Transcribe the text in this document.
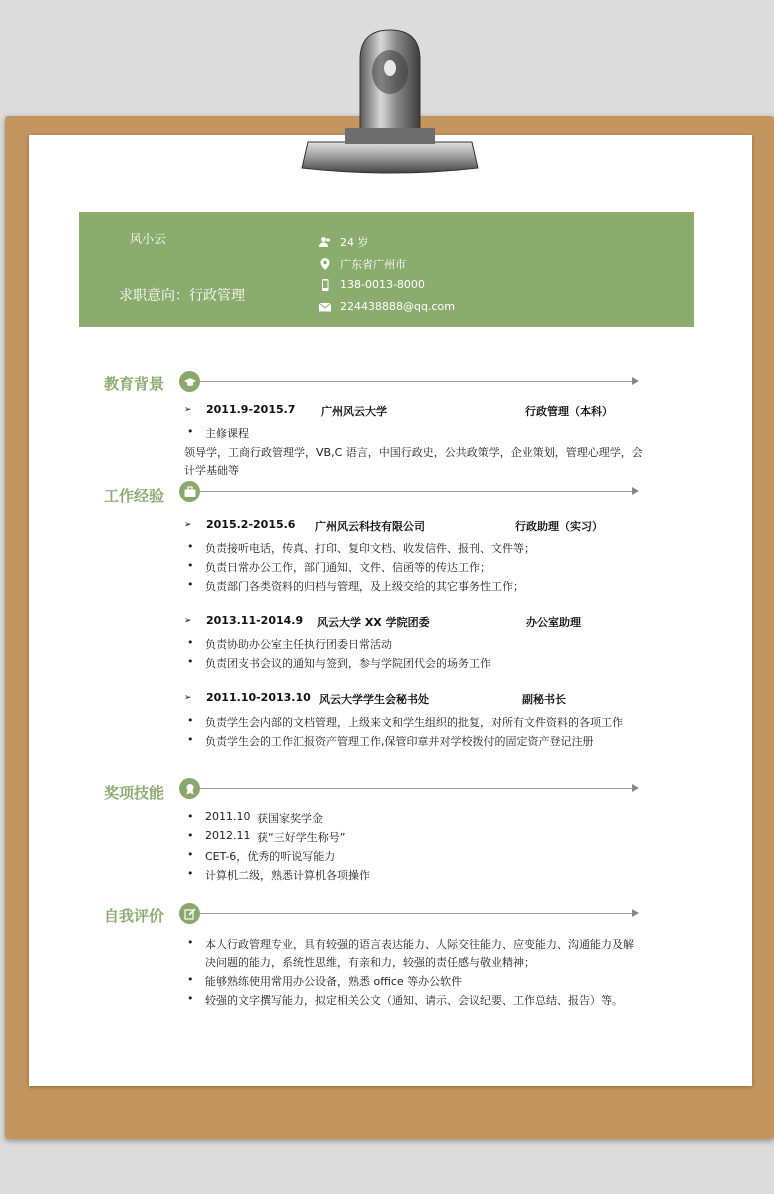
风小云
求职意向：行政管理
24 岁
广东省广州市
138-0013-8000
224438888@qq.com
教育背景
➢ 2011.9-2015.7 广州风云大学	行政管理（本科）
主修课程
领导学，工商行政管理学，VB,C 语言，中国行政史，公共政策学，企业策划，管理心理学，会
计学基础等
工作经验
➢ 2015.2-2015.6 广州风云科技有限公司	行政助理（实习）
负责接听电话，传真、打印、复印文档、收发信件、报刊、文件等；
负责日常办公工作，部门通知、文件、信函等的传达工作；
负责部门各类资料的归档与管理，及上级交给的其它事务性工作；
➢ 2013.11-2014.9 风云大学 XX 学院团委	办公室助理
负责协助办公室主任执行团委日常活动
负责团支书会议的通知与签到，参与学院团代会的场务工作
➢ 2011.10-2013.10 风云大学学生会秘书处	副秘书长
负责学生会内部的文档管理，上级来文和学生组织的批复，对所有文件资料的各项工作
负责学生会的工作汇报资产管理工作,保管印章并对学校拨付的固定资产登记注册
奖项技能
2011.10 获国家奖学金
2012.11 获“三好学生称号”
CET-6，优秀的听说写能力
计算机二级，熟悉计算机各项操作
自我评价
本人行政管理专业，具有较强的语言表达能力、人际交往能力、应变能力、沟通能力及解
决问题的能力，系统性思维，有亲和力，较强的责任感与敬业精神；
能够熟练使用常用办公设备，熟悉 office 等办公软件
较强的文字撰写能力，拟定相关公文（通知、请示、会议纪要、工作总结、报告）等。
